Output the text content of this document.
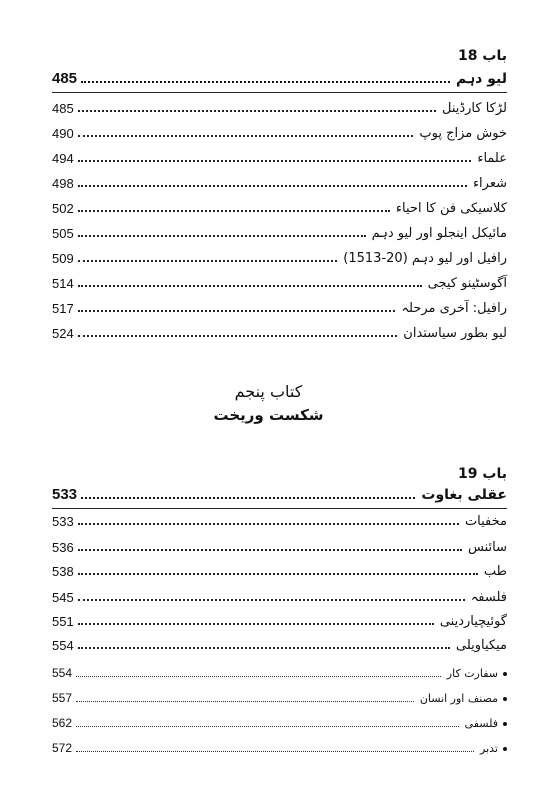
باب 18
لیو دہم
485
لڑکا کارڈینل
485
خوش مزاج پوپ
490
علماء
494
شعراء
498
کلاسیکی فن کا احیاء
502
مائیکل اینجلو اور لیو دہم
505
رافیل اور لیو دہم (20-1513)
509
آگوسٹینو کیجی
514
رافیل: آخری مرحلہ
517
لیو بطور سیاستدان
524
کتاب پنجم
شکست وریخت
باب 19
عقلی بغاوت
533
مخفیات
533
سائنس
536
طب
538
فلسفہ
545
گوئیچیاردینی
551
میکیاویلی
554
سفارت کار
554
مصنف اور انسان
557
فلسفی
562
تدبر
572
